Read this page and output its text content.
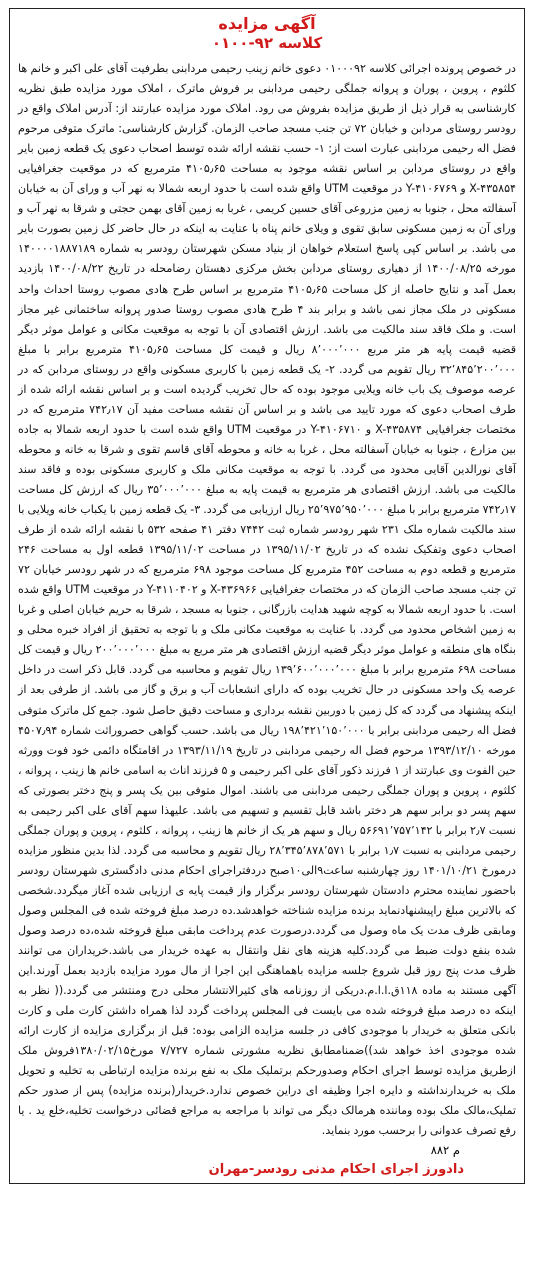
آگهی مزایده
کلاسه ۹۲-۰۱۰۰
در خصوص پرونده اجرائی کلاسه ۰۱۰۰۰۹۲ دعوی خانم زینب رحیمی مردابنی بطرفیت آقای علی اکبر و خانم ها کلثوم ، پروین ، پوران و پروانه جملگی رحیمی مردابنی بر فروش ماترک ، املاک مورد مزایده طبق نظریه کارشناسی به قرار ذیل از طریق مزایده بفروش می رود. املاک مورد مزایده عبارتند از: آدرس املاک واقع در رودسر روستای مردابن و خیابان ۷۲ تن جنب مسجد صاحب الزمان. گزارش کارشناسی: ماترک متوفی مرحوم فضل اله رحیمی مردابنی عبارت است از: ۱- حسب نقشه ارائه شده توسط اصحاب دعوی یک قطعه زمین بایر واقع در روستای مردابن بر اساس نقشه موجود به مساحت ۴۱۰۵٫۶۵ مترمربع که در موقعیت جغرافیایی X-۴۳۵۸۵۴ و Y-۴۱۰۶۷۶۹ در موقعیت UTM واقع شده است با حدود اربعه شمالا به نهر آب و ورای آن به خیابان آسفالته محل ، جنوبا به زمین مزروعی آقای حسین کریمی ، غربا به زمین آقای بهمن حجتی و شرقا به نهر آب و ورای آن به زمین مسکونی سابق تقوی و ویلای خانم پناه با عنایت به اینکه در حال حاضر کل زمین بصورت بایر می باشد. بر اساس کپی پاسخ استعلام خواهان از بنیاد مسکن شهرستان رودسر به شماره ۱۴۰۰۰۰۱۸۸۷۱۸۹ مورخه ۱۴۰۰/۰۸/۲۵ از دهیاری روستای مردابن بخش مرکزی دهستان رضامحله در تاریخ ۱۴۰۰/۰۸/۲۲ بازدید بعمل آمد و نتایج حاصله از کل مساحت ۴۱۰۵٫۶۵ مترمربع بر اساس طرح هادی مصوب روستا احداث واحد مسکونی در ملک مجاز نمی باشد و برابر بند ۴ طرح هادی مصوب روستا صدور پروانه ساختمانی غیر مجاز است. و ملک فاقد سند مالکیت می باشد. ارزش اقتصادی آن با توجه به موقعیت مکانی و عوامل موثر دیگر قضیه قیمت پایه هر متر مربع ۸٬۰۰۰٬۰۰۰ ریال و قیمت کل مساحت ۴۱۰۵٫۶۵ مترمربع برابر با مبلغ ۳۲٬۸۴۵٬۲۰۰٬۰۰۰ ریال تقویم می گردد. ۲- یک قطعه زمین با کاربری مسکونی واقع در روستای مردابن که در عرصه موصوف یک باب خانه ویلایی موجود بوده که حال تخریب گردیده است و بر اساس نقشه ارائه شده از طرف اصحاب دعوی که مورد تایید می باشد و بر اساس آن نقشه مساحت مفید آن ۷۴۲٫۱۷ مترمربع که در مختصات جغرافیایی X-۴۳۵۸۷۴ و Y-۴۱۰۶۷۱۰ در موقعیت UTM واقع شده است با حدود اربعه شمالا به جاده بین مزارع ، جنوبا به خیابان آسفالته محل ، غربا به خانه و محوطه آقای قاسم تقوی و شرقا به خانه و محوطه آقای نورالدین آقایی محدود می گردد. با توجه به موقعیت مکانی ملک و کاربری مسکونی بوده و فاقد سند مالکیت می باشد. ارزش اقتصادی هر مترمربع به قیمت پایه به مبلغ ۳۵٬۰۰۰٬۰۰۰ ریال که ارزش کل مساحت ۷۴۲٫۱۷ مترمربع برابر با مبلغ ۲۵٬۹۷۵٬۹۵۰٬۰۰۰ ریال ارزیابی می گردد. ۳- یک قطعه زمین با یکباب خانه ویلایی با سند مالکیت شماره ملک ۲۳۱ شهر رودسر شماره ثبت ۷۴۴۲ دفتر ۴۱ صفحه ۵۳۲ با نقشه ارائه شده از طرف اصحاب دعوی وتفکیک نشده که در تاریخ ۱۳۹۵/۱۱/۰۲ در مساحت ۱۳۹۵/۱۱/۰۲ قطعه اول به مساحت ۲۴۶ مترمربع و قطعه دوم به مساحت ۴۵۲ مترمربع کل مساحت موجود ۶۹۸ مترمربع که در شهر رودسر خیابان ۷۲ تن جنب مسجد صاحب الزمان که در مختصات جغرافیایی X-۴۳۶۹۶۶ و Y-۴۱۱۰۴۰۲ در موقعیت UTM واقع شده است. با حدود اربعه شمالا به کوچه شهید هدایت بازرگانی ، جنوبا به مسجد ، شرقا به حریم خیابان اصلی و غربا به زمین اشخاص محدود می گردد. با عنایت به موقعیت مکانی ملک و با توجه به تحقیق از افراد خبره محلی و بنگاه های منطقه و عوامل موثر دیگر قضیه ارزش اقتصادی هر متر مربع به مبلغ ۲۰۰٬۰۰۰٬۰۰۰ ریال و قیمت کل مساحت ۶۹۸ مترمربع برابر با مبلغ ۱۳۹٬۶۰۰٬۰۰۰٬۰۰۰ ریال تقویم و محاسبه می گردد. قابل ذکر است در داخل عرصه یک واحد مسکونی در حال تخریب بوده که دارای انشعابات آب و برق و گاز می باشد. از طرفی بعد از اینکه پیشنهاد می گردد که کل زمین با دوربین نقشه برداری و مساحت دقیق حاصل شود. جمع کل ماترک متوفی فضل اله رحیمی مردابنی برابر با ۱۹۸٬۴۲۱٬۱۵۰٬۰۰۰ ریال می باشد. حسب گواهی حصروراثت شماره ۴۵۰۷٫۹۴ مورخه ۱۳۹۳/۱۲/۱۰ مرحوم فضل اله رحیمی مردابنی در تاریخ ۱۳۹۳/۱۱/۱۹ در اقامتگاه دائمی خود فوت وورثه حین الفوت وی عبارتند از ۱ فرزند ذکور آقای علی اکبر رحیمی و ۵ فرزند اناث به اسامی خانم ها زینب ، پروانه ، کلثوم ، پروین و پوران جملگی رحیمی مردابنی می باشند. اموال متوفی بین یک پسر و پنج دختر بصورتی که سهم پسر دو برابر سهم هر دختر باشد قابل تقسیم و تسهیم می باشد. علیهذا سهم آقای علی اکبر رحیمی به نسبت ۲٫۷ برابر با ۵۶۶۹۱٬۷۵۷٬۱۴۲ ریال و سهم هر یک از خانم ها زینب ، پروانه ، کلثوم ، پروین و پوران جملگی رحیمی مردابنی به نسبت ۱٫۷ برابر با ۲۸٬۳۴۵٬۸۷۸٬۵۷۱ ریال تقویم و محاسبه می گردد. لذا بدین منظور مزایده درمورخ ۱۴۰۱/۱۰/۲۱ روز چهارشنبه ساعت۹الی۱۰صبح دردفتراجرای احکام مدنی دادگستری شهرستان رودسر باحضور نماینده محترم دادستان شهرستان رودسر برگزار واز قیمت پایه ی ارزیابی شده آغاز میگردد.شخصی که بالاترین مبلغ راپیشنهادنماید برنده مزایده شناخته خواهدشد.ده درصد مبلغ فروخته شده فی المجلس وصول ومابقی ظرف مدت یک ماه وصول می گردد.درصورت عدم پرداخت مابقی مبلغ فروخته شده،ده درصد وصول شده بنفع دولت ضبط می گردد.کلیه هزینه های نقل وانتقال به عهده خریدار می باشد.خریداران می توانند ظرف مدت پنج روز قبل شروع جلسه مزایده باهماهنگی این اجرا از مال مورد مزایده بازدید بعمل آورند.این آگهی مستند به ماده ۱۱۸ق.ا.ا.م.دریکی از روزنامه های کثیرالانتشار محلی درج ومنتشر می گردد.(( نظر به اینکه ده درصد مبلغ فروخته شده می بایست فی المجلس پرداخت گردد لذا همراه داشتن کارت ملی و کارت بانکی متعلق به خریدار با موجودی کافی در جلسه مزایده الزامی بوده: قبل از برگزاری مزایده از کارت ارائه شده موجودی اخذ خواهد شد))ضمنامطابق نظریه مشورتی شماره ۷/۷۲۷ مورخ۱۳۸۰/۰۲/۱۵فروش ملک ازطریق مزایده توسط اجرای احکام وصدورحکم برتملیک ملک به نفع برنده مزایده ارتباطی به تخلیه و تحویل ملک به خریدارنداشته و دایره اجرا وظیفه ای دراین خصوص ندارد.خریدار(برنده مزایده) پس از صدور حکم تملیک،مالک ملک بوده وماننده هرمالک دیگر می تواند با مراجعه به مراجع قضائی درخواست تخلیه،خلع ید . یا رفع تصرف عدوانی را برحسب مورد بنماید.
م ۸۸۲
دادورز اجرای احکام مدنی رودسر-مهران
